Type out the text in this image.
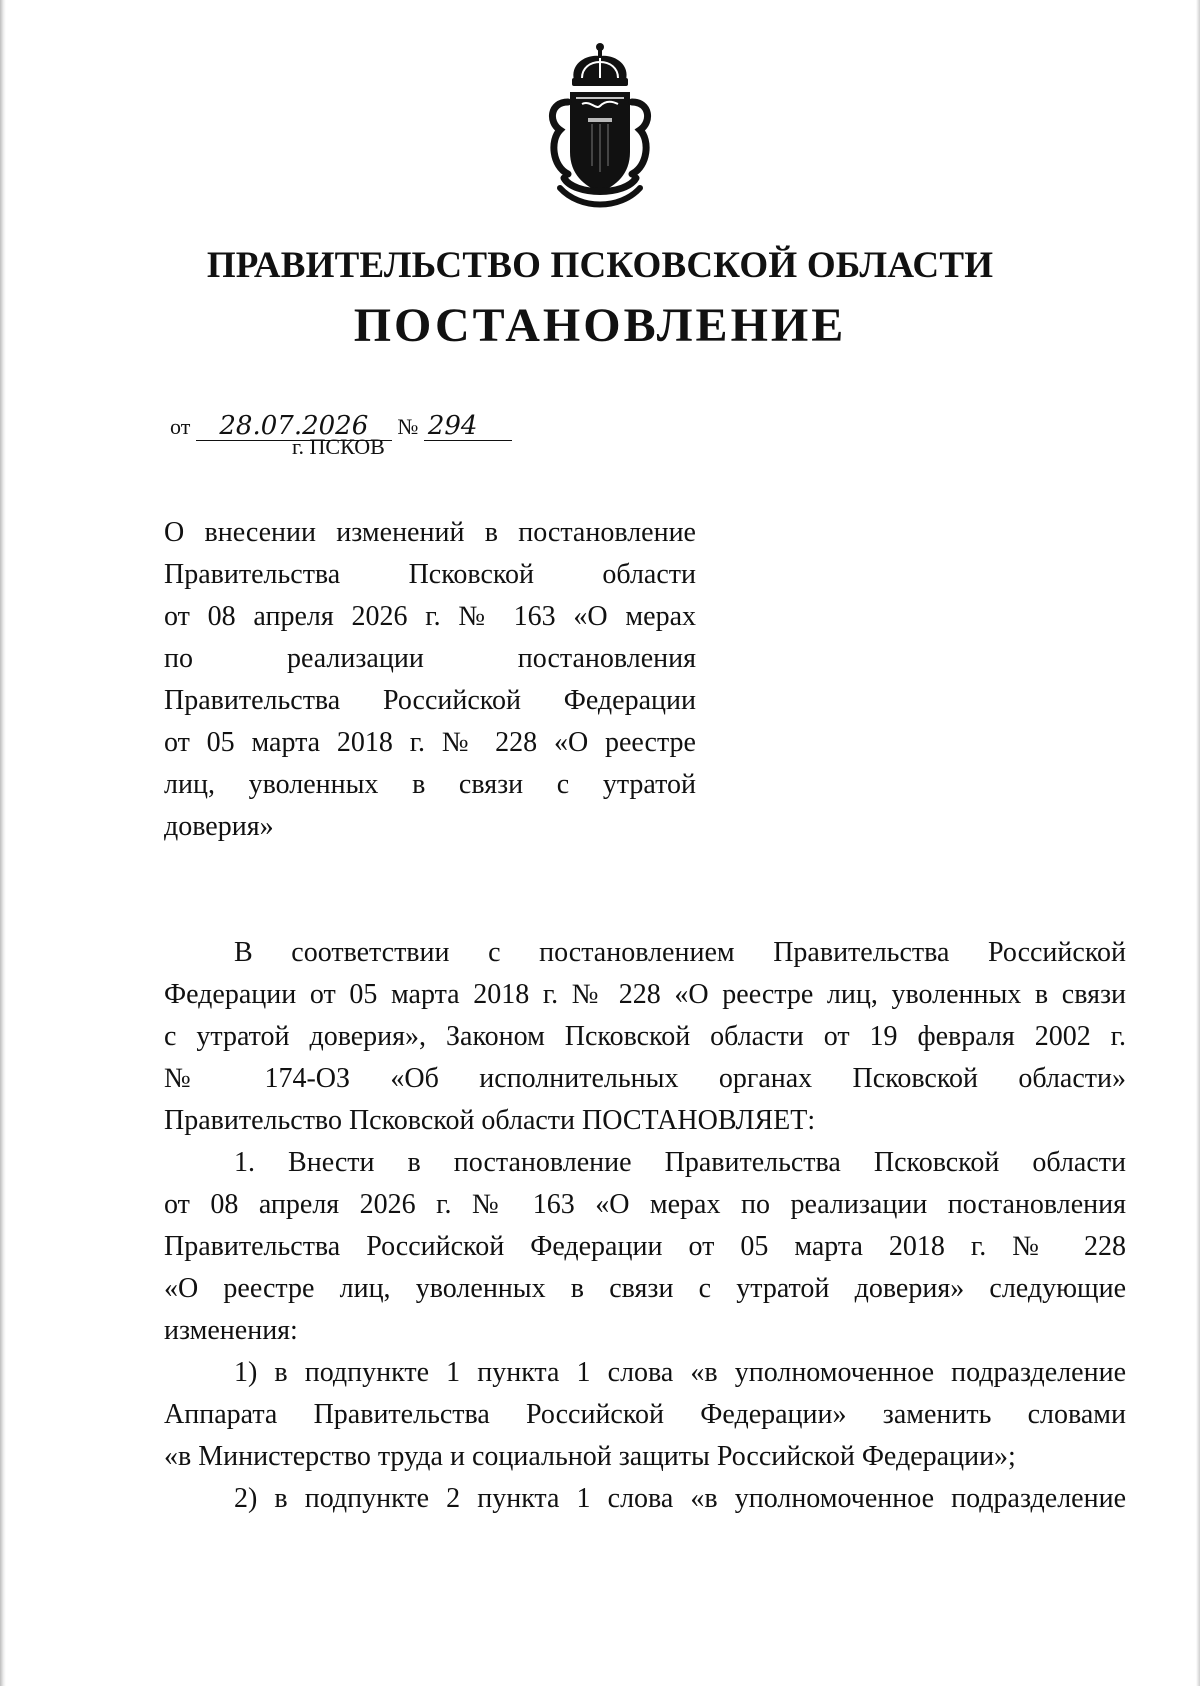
ПРАВИТЕЛЬСТВО ПСКОВСКОЙ ОБЛАСТИ
ПОСТАНОВЛЕНИЕ
от 28.07.2026 № 294
г. ПСКОВ
О внесении изменений в постановление
Правительства Псковской области
от 08 апреля 2026 г. № 163 «О мерах
по реализации постановления
Правительства Российской Федерации
от 05 марта 2018 г. № 228 «О реестре
лиц, уволенных в связи с утратой
доверия»
В соответствии с постановлением Правительства Российской
Федерации от 05 марта 2018 г. № 228 «О реестре лиц, уволенных в связи
с утратой доверия», Законом Псковской области от 19 февраля 2002 г.
№ 174-ОЗ «Об исполнительных органах Псковской области»
Правительство Псковской области ПОСТАНОВЛЯЕТ:
1. Внести в постановление Правительства Псковской области
от 08 апреля 2026 г. № 163 «О мерах по реализации постановления
Правительства Российской Федерации от 05 марта 2018 г. № 228
«О реестре лиц, уволенных в связи с утратой доверия» следующие
изменения:
1) в подпункте 1 пункта 1 слова «в уполномоченное подразделение
Аппарата Правительства Российской Федерации» заменить словами
«в Министерство труда и социальной защиты Российской Федерации»;
2) в подпункте 2 пункта 1 слова «в уполномоченное подразделение
